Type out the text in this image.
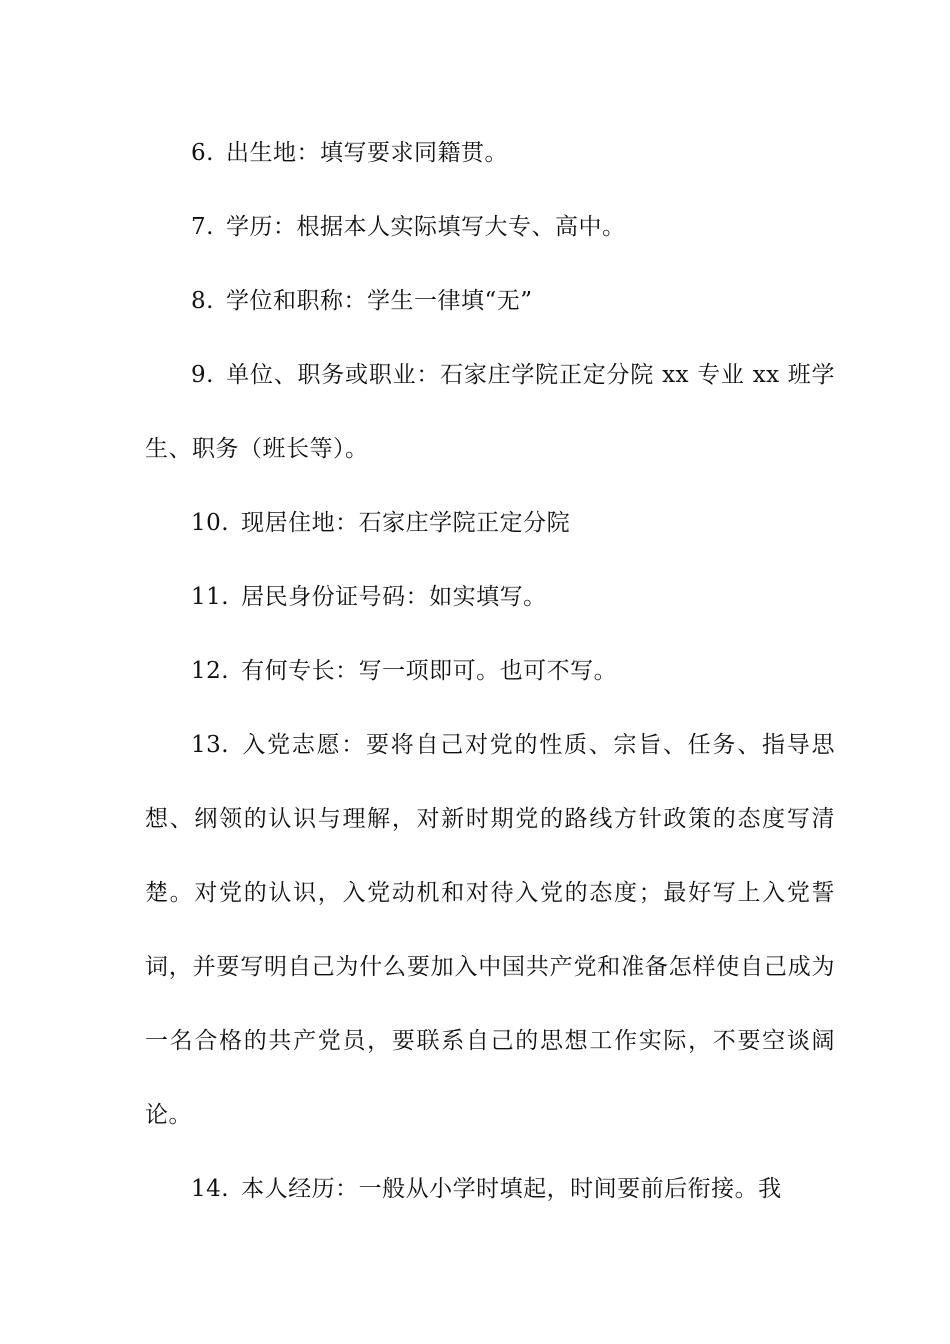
6. 出生地：填写要求同籍贯。

7. 学历：根据本人实际填写大专、高中。

8. 学位和职称：学生一律填“无”

9. 单位、职务或职业：石家庄学院正定分院 xx 专业 xx 班学生、职务（班长等）。

10. 现居住地：石家庄学院正定分院

11. 居民身份证号码：如实填写。

12. 有何专长：写一项即可。也可不写。

13. 入党志愿：要将自己对党的性质、宗旨、任务、指导思想、纲领的认识与理解，对新时期党的路线方针政策的态度写清楚。对党的认识，入党动机和对待入党的态度；最好写上入党誓词，并要写明自己为什么要加入中国共产党和准备怎样使自己成为一名合格的共产党员，要联系自己的思想工作实际，不要空谈阔论。

14. 本人经历：一般从小学时填起，时间要前后衔接。我
